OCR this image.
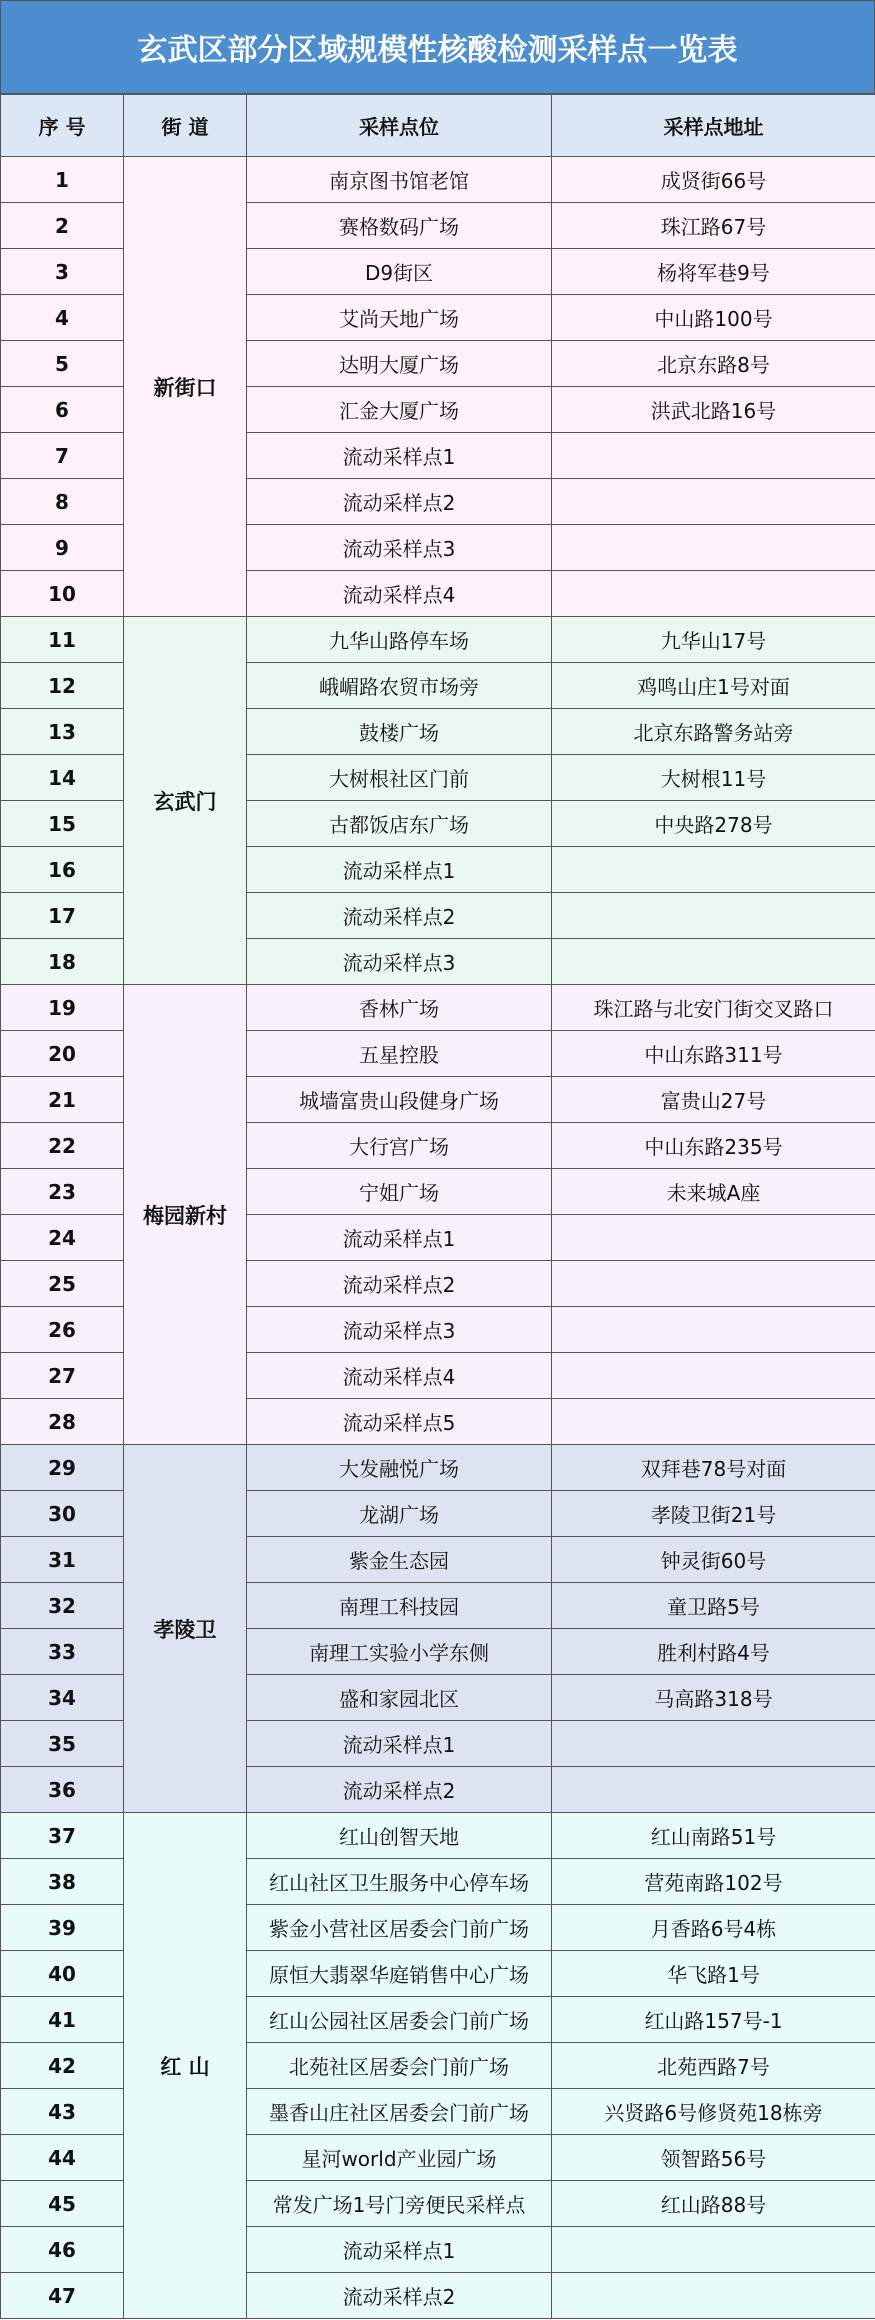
玄武区部分区域规模性核酸检测采样点一览表
序 号	街 道	采样点位	采样点地址
1	新街口	南京图书馆老馆	成贤街66号
2		赛格数码广场	珠江路67号
3		D9街区	杨将军巷9号
4		艾尚天地广场	中山路100号
5		达明大厦广场	北京东路8号
6		汇金大厦广场	洪武北路16号
7		流动采样点1	
8		流动采样点2	
9		流动采样点3	
10		流动采样点4	
11	玄武门	九华山路停车场	九华山17号
12		峨嵋路农贸市场旁	鸡鸣山庄1号对面
13		鼓楼广场	北京东路警务站旁
14		大树根社区门前	大树根11号
15		古都饭店东广场	中央路278号
16		流动采样点1	
17		流动采样点2	
18		流动采样点3	
19	梅园新村	香林广场	珠江路与北安门街交叉路口
20		五星控股	中山东路311号
21		城墙富贵山段健身广场	富贵山27号
22		大行宫广场	中山东路235号
23		宁姐广场	未来城A座
24		流动采样点1	
25		流动采样点2	
26		流动采样点3	
27		流动采样点4	
28		流动采样点5	
29	孝陵卫	大发融悦广场	双拜巷78号对面
30		龙湖广场	孝陵卫街21号
31		紫金生态园	钟灵街60号
32		南理工科技园	童卫路5号
33		南理工实验小学东侧	胜利村路4号
34		盛和家园北区	马高路318号
35		流动采样点1	
36		流动采样点2	
37	红 山	红山创智天地	红山南路51号
38		红山社区卫生服务中心停车场	营苑南路102号
39		紫金小营社区居委会门前广场	月香路6号4栋
40		原恒大翡翠华庭销售中心广场	华飞路1号
41		红山公园社区居委会门前广场	红山路157号-1
42		北苑社区居委会门前广场	北苑西路7号
43		墨香山庄社区居委会门前广场	兴贤路6号修贤苑18栋旁
44		星河world产业园广场	领智路56号
45		常发广场1号门旁便民采样点	红山路88号
46		流动采样点1	
47		流动采样点2	
